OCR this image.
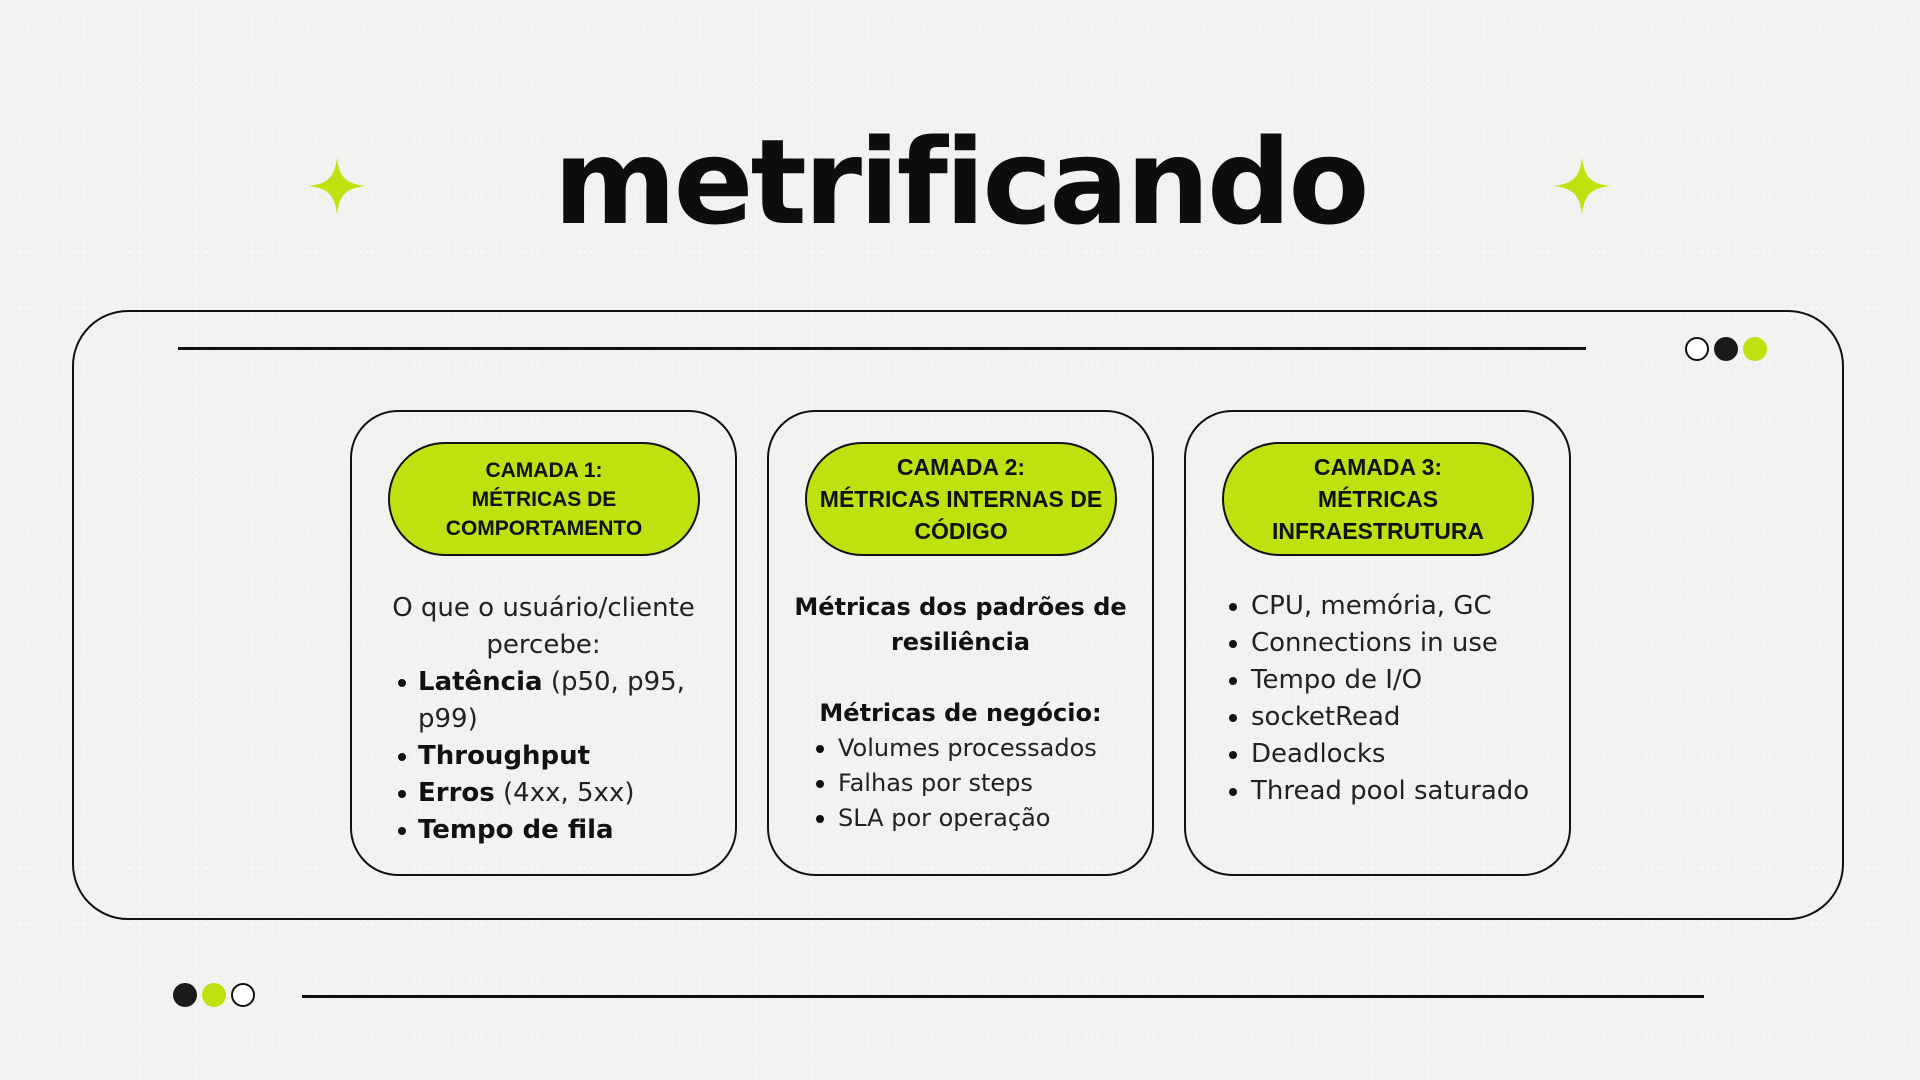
metrificando
CAMADA 1:
MÉTRICAS DE
COMPORTAMENTO
O que o usuário/cliente
percebe:
Latência (p50, p95, p99)
Throughput
Erros (4xx, 5xx)
Tempo de fila
CAMADA 2:
MÉTRICAS INTERNAS DE
CÓDIGO
Métricas dos padrões de
resiliência
Métricas de negócio:
Volumes processados
Falhas por steps
SLA por operação
CAMADA 3:
MÉTRICAS
INFRAESTRUTURA
CPU, memória, GC
Connections in use
Tempo de I/O
socketRead
Deadlocks
Thread pool saturado
